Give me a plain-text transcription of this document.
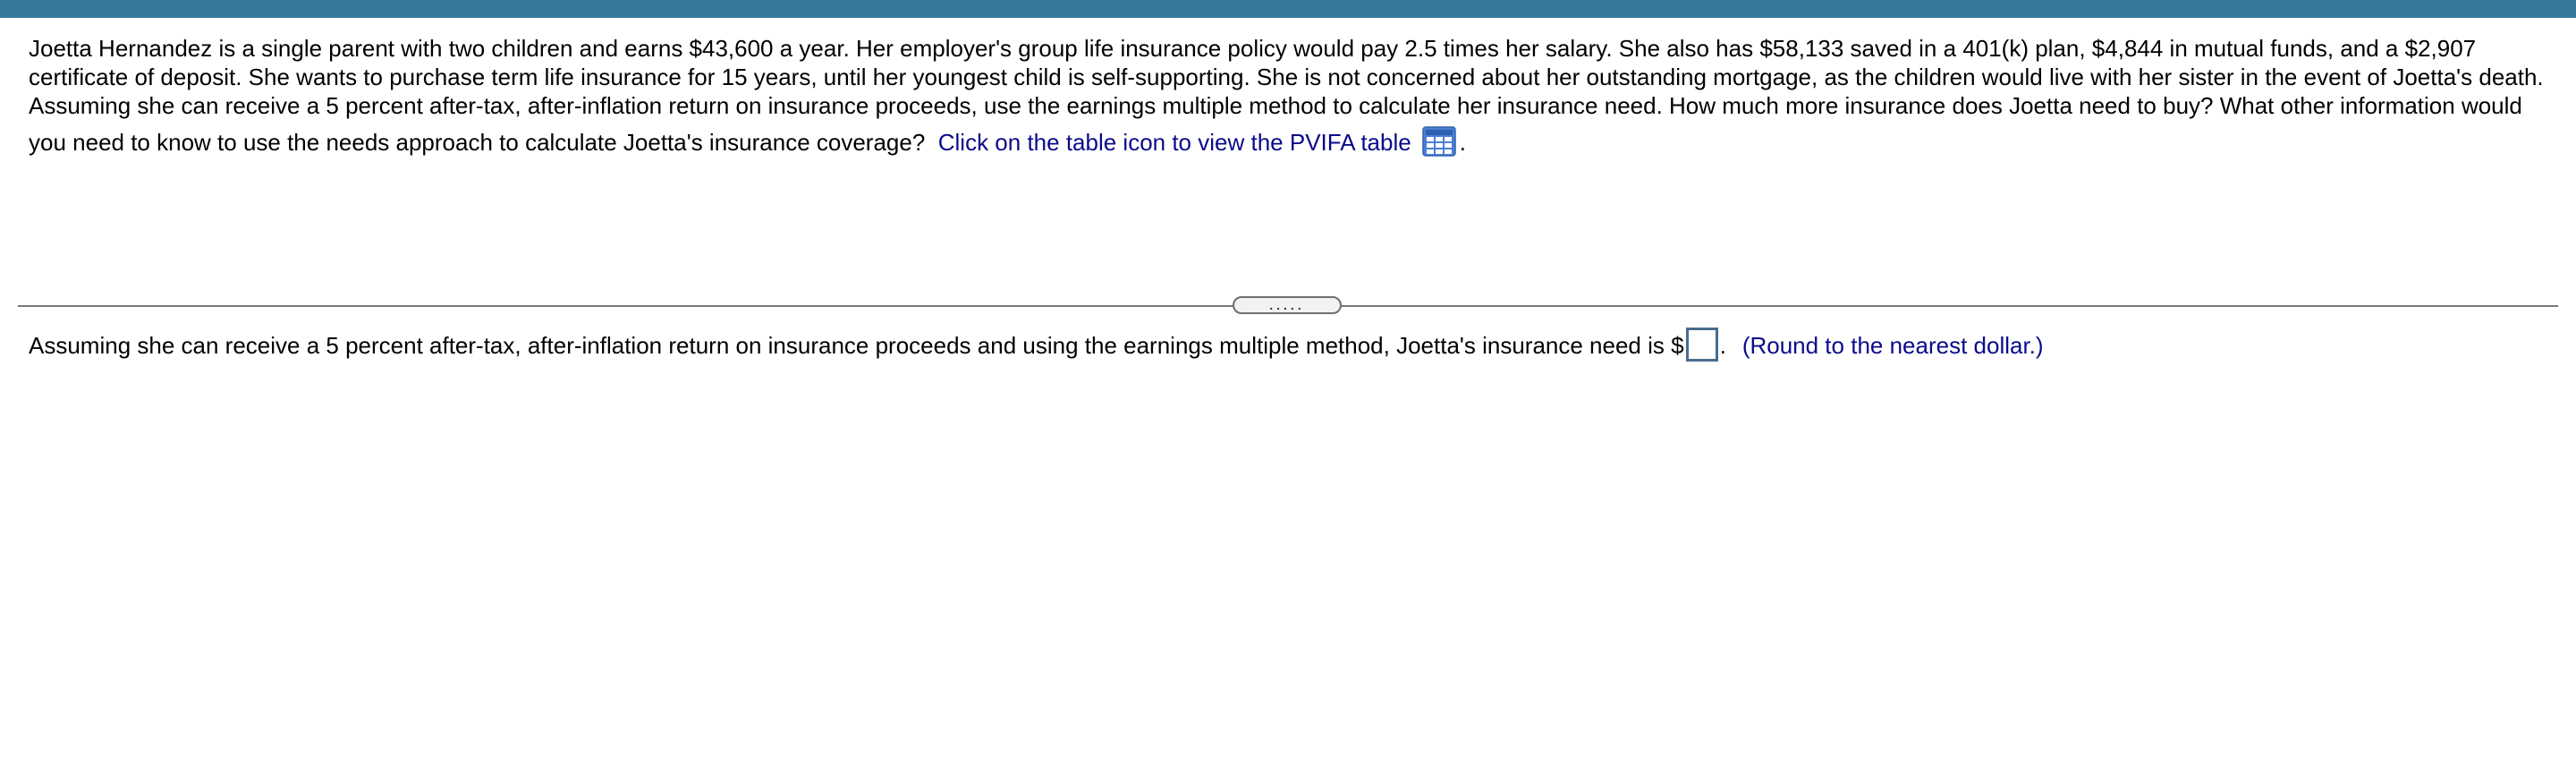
Joetta Hernandez is a single parent with two children and earns $43,600 a year. Her employer's group life insurance policy would pay 2.5 times her salary. She also has $58,133 saved in a 401(k) plan, $4,844 in mutual funds, and a $2,907
certificate of deposit. She wants to purchase term life insurance for 15 years, until her youngest child is self-supporting. She is not concerned about her outstanding mortgage, as the children would live with her sister in the event of Joetta's death.
Assuming she can receive a 5 percent after-tax, after-inflation return on insurance proceeds, use the earnings multiple method to calculate her insurance need. How much more insurance does Joetta need to buy? What other information would
you need to know to use the needs approach to calculate Joetta's insurance coverage? Click on the table icon to view the PVIFA table .
.....
Assuming she can receive a 5 percent after-tax, after-inflation return on insurance proceeds and using the earnings multiple method, Joetta's insurance need is $ . (Round to the nearest dollar.)
